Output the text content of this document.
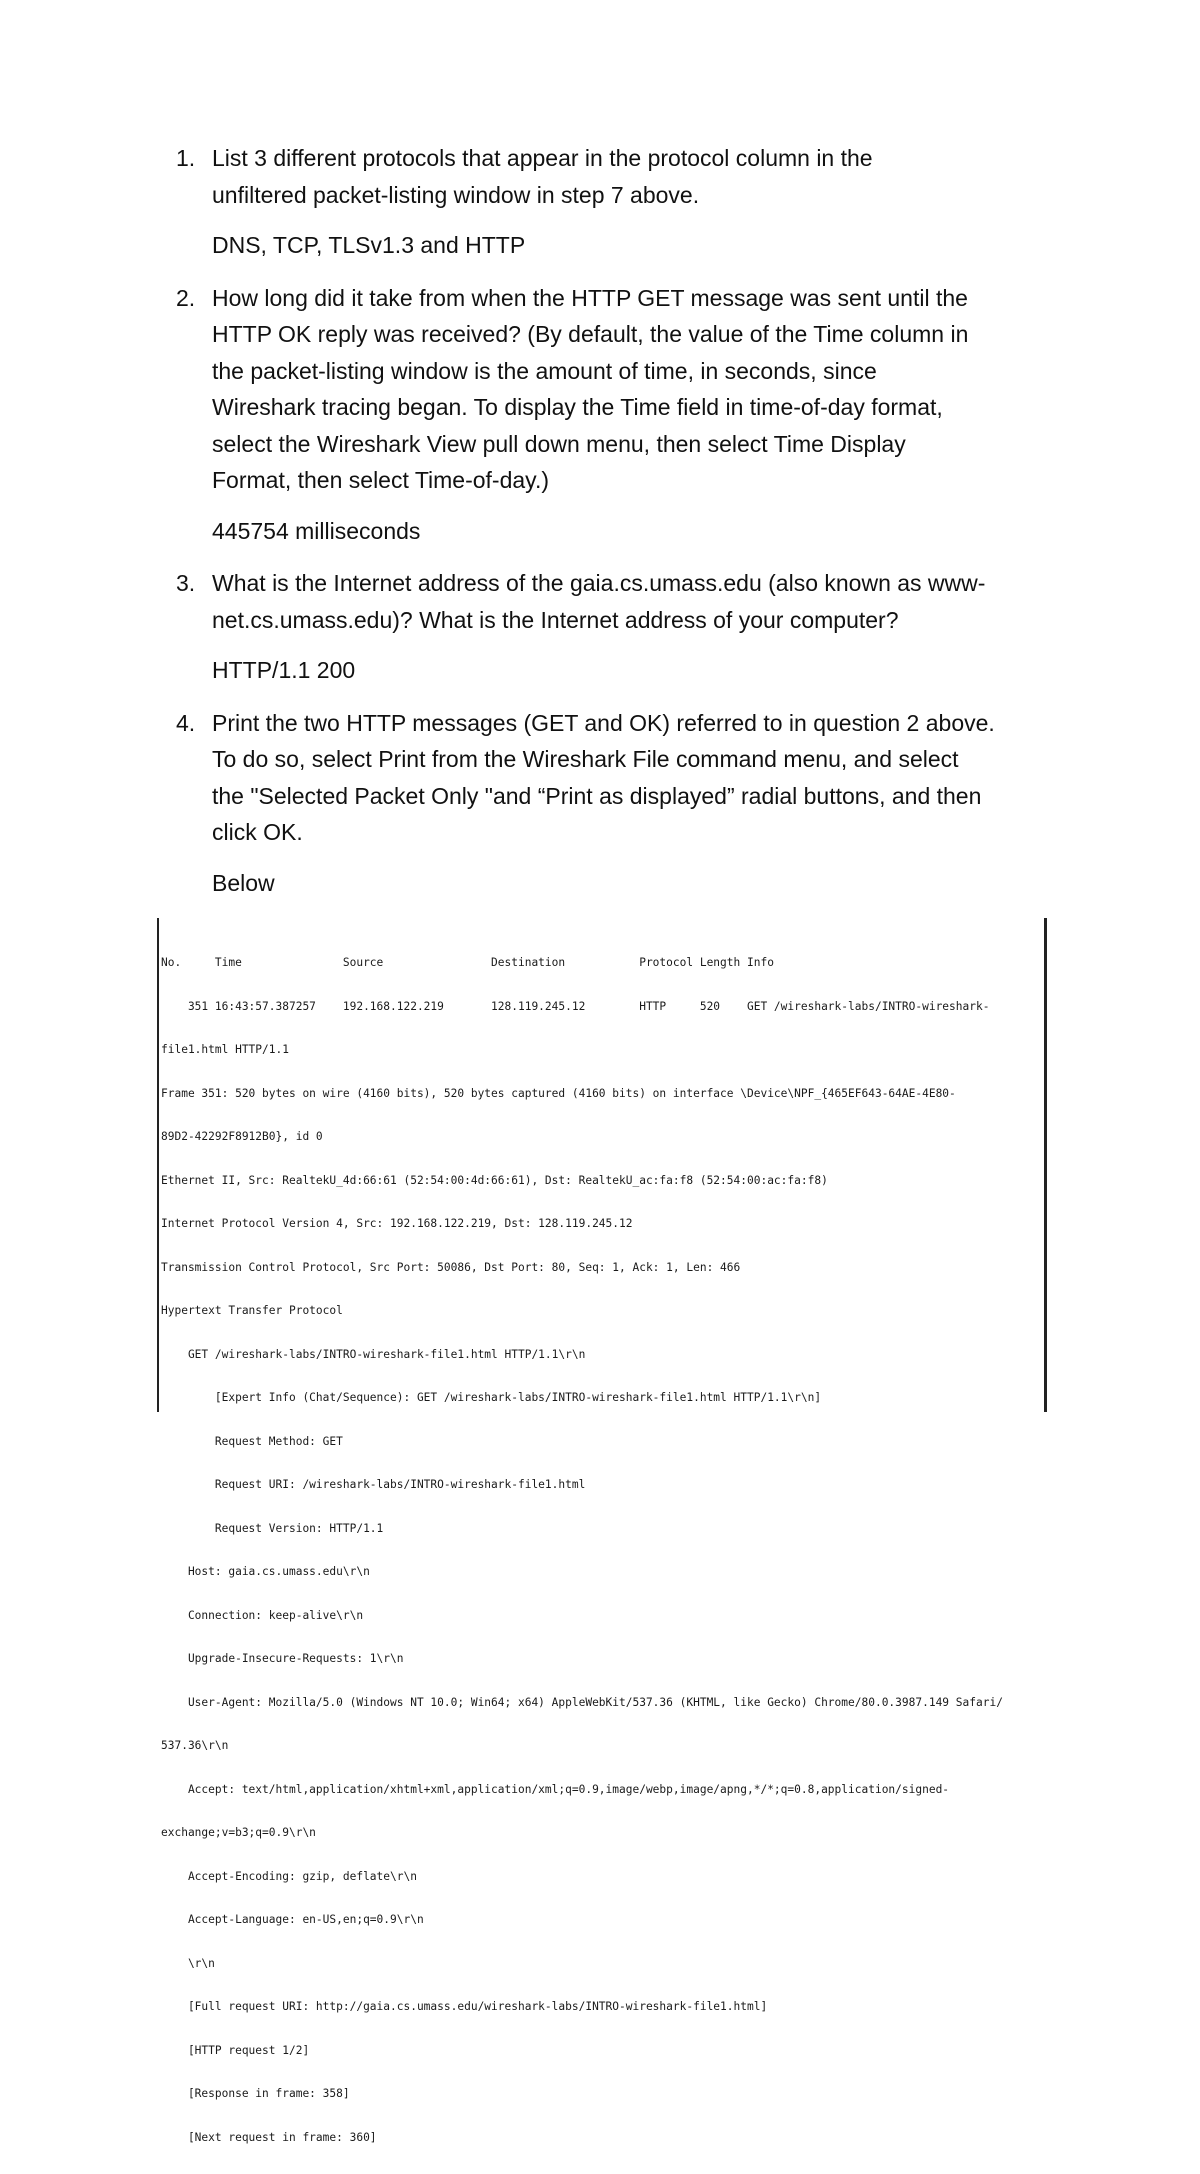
1. List 3 different protocols that appear in the protocol column in the
unfiltered packet-listing window in step 7 above.

DNS, TCP, TLSv1.3 and HTTP

2. How long did it take from when the HTTP GET message was sent until the
HTTP OK reply was received? (By default, the value of the Time column in
the packet-listing window is the amount of time, in seconds, since
Wireshark tracing began. To display the Time field in time-of-day format,
select the Wireshark View pull down menu, then select Time Display
Format, then select Time-of-day.)

445754 milliseconds

3. What is the Internet address of the gaia.cs.umass.edu (also known as www-
net.cs.umass.edu)? What is the Internet address of your computer?

HTTP/1.1 200

4. Print the two HTTP messages (GET and OK) referred to in question 2 above.
To do so, select Print from the Wireshark File command menu, and select
the "Selected Packet Only "and “Print as displayed” radial buttons, and then
click OK.

Below

No.     Time               Source                Destination           Protocol Length Info

351 16:43:57.387257    192.168.122.219       128.119.245.12        HTTP     520    GET /wireshark-labs/INTRO-wireshark-

file1.html HTTP/1.1

Frame 351: 520 bytes on wire (4160 bits), 520 bytes captured (4160 bits) on interface \Device\NPF_{465EF643-64AE-4E80-

89D2-42292F8912B0}, id 0

Ethernet II, Src: RealtekU_4d:66:61 (52:54:00:4d:66:61), Dst: RealtekU_ac:fa:f8 (52:54:00:ac:fa:f8)

Internet Protocol Version 4, Src: 192.168.122.219, Dst: 128.119.245.12

Transmission Control Protocol, Src Port: 50086, Dst Port: 80, Seq: 1, Ack: 1, Len: 466

Hypertext Transfer Protocol

GET /wireshark-labs/INTRO-wireshark-file1.html HTTP/1.1\r\n

[Expert Info (Chat/Sequence): GET /wireshark-labs/INTRO-wireshark-file1.html HTTP/1.1\r\n]

Request Method: GET

Request URI: /wireshark-labs/INTRO-wireshark-file1.html

Request Version: HTTP/1.1

Host: gaia.cs.umass.edu\r\n

Connection: keep-alive\r\n

Upgrade-Insecure-Requests: 1\r\n

User-Agent: Mozilla/5.0 (Windows NT 10.0; Win64; x64) AppleWebKit/537.36 (KHTML, like Gecko) Chrome/80.0.3987.149 Safari/

537.36\r\n

Accept: text/html,application/xhtml+xml,application/xml;q=0.9,image/webp,image/apng,*/*;q=0.8,application/signed-

exchange;v=b3;q=0.9\r\n

Accept-Encoding: gzip, deflate\r\n

Accept-Language: en-US,en;q=0.9\r\n

\r\n

[Full request URI: http://gaia.cs.umass.edu/wireshark-labs/INTRO-wireshark-file1.html]

[HTTP request 1/2]

[Response in frame: 358]

[Next request in frame: 360]
